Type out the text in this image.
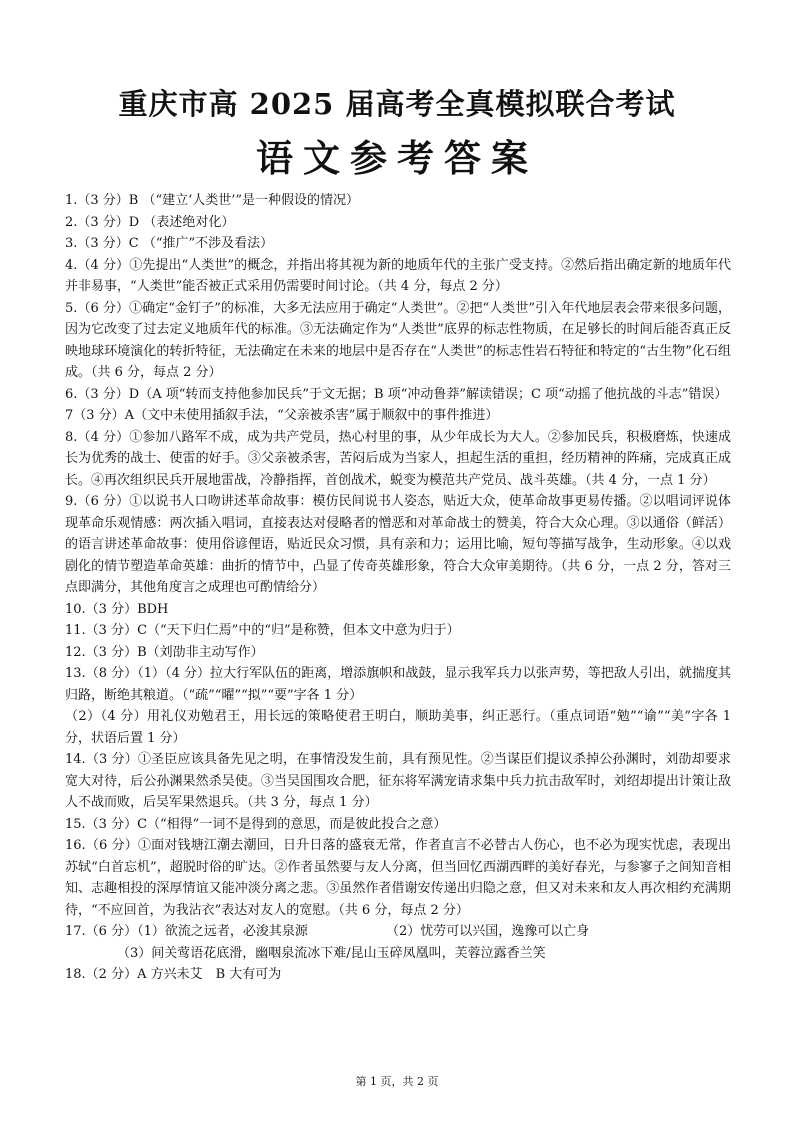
重庆市高 2025 届高考全真模拟联合考试
语文参考答案

1.（3 分）B （“建立‘人类世’”是一种假设的情况）

2.（3 分）D （表述绝对化）

3.（3 分）C （“推广”不涉及看法）

4.（4 分）①先提出“人类世”的概念，并指出将其视为新的地质年代的主张广受支持。②然后指出确定新的地质年代并非易事，“人类世”能否被正式采用仍需要时间讨论。（共 4 分，每点 2 分）

5.（6 分）①确定“金钉子”的标准，大多无法应用于确定“人类世”。②把“人类世”引入年代地层表会带来很多问题，因为它改变了过去定义地质年代的标准。③无法确定作为“人类世”底界的标志性物质，在足够长的时间后能否真正反映地球环境演化的转折特征，无法确定在未来的地层中是否存在“人类世”的标志性岩石特征和特定的“古生物”化石组成。（共 6 分，每点 2 分）

6.（3 分）D（A 项“转而支持他参加民兵”于文无据；B 项“冲动鲁莽”解读错误；C 项“动摇了他抗战的斗志”错误）

7（3 分）A（文中未使用插叙手法，“父亲被杀害”属于顺叙中的事件推进）

8.（4 分）①参加八路军不成，成为共产党员，热心村里的事，从少年成长为大人。②参加民兵，积极磨炼，快速成长为优秀的战士、使雷的好手。③父亲被杀害，苦闷后成为当家人，担起生活的重担，经历精神的阵痛，完成真正成长。④再次组织民兵开展地雷战，冷静指挥，首创战术，蜕变为模范共产党员、战斗英雄。（共 4 分，一点 1 分）

9.（6 分）①以说书人口吻讲述革命故事：模仿民间说书人姿态，贴近大众，使革命故事更易传播。②以唱词评说体现革命乐观情感：两次插入唱词，直接表达对侵略者的憎恶和对革命战士的赞美，符合大众心理。③以通俗（鲜活）的语言讲述革命故事：使用俗谚俚语，贴近民众习惯，具有亲和力；运用比喻，短句等描写战争，生动形象。④以戏剧化的情节塑造革命英雄：曲折的情节中，凸显了传奇英雄形象，符合大众审美期待。（共 6 分，一点 2 分，答对三点即满分，其他角度言之成理也可酌情给分）

10.（3 分）BDH

11.（3 分）C（“天下归仁焉”中的“归”是称赞，但本文中意为归于）

12.（3 分）B（刘劭非主动写作）

13.（8 分）（1）（4 分）拉大行军队伍的距离，增添旗帜和战鼓，显示我军兵力以张声势，等把敌人引出，就揣度其归路，断绝其粮道。（“疏”“曜”“拟”“要”字各 1 分）

（2）（4 分）用礼仪劝勉君王，用长远的策略使君王明白，顺助美事，纠正恶行。（重点词语“勉”“谕”“美”字各 1 分，状语后置 1 分）

14.（3 分）①圣臣应该具备先见之明，在事情没发生前，具有预见性。②当谋臣们提议杀掉公孙渊时，刘劭却要求宽大对待，后公孙渊果然杀吴使。③当吴国围攻合肥，征东将军满宠请求集中兵力抗击敌军时，刘绍却提出计策让敌人不战而败，后吴军果然退兵。（共 3 分，每点 1 分）

15.（3 分）C（“相得”一词不是得到的意思，而是彼此投合之意）

16.（6 分）①面对钱塘江潮去潮回，日升日落的盛衰无常，作者直言不必替古人伤心，也不必为现实忧虑，表现出苏轼“白首忘机”，超脱时俗的旷达。②作者虽然要与友人分离，但当回忆西湖西畔的美好春光，与参寥子之间知音相知、志趣相投的深厚情谊又能冲淡分离之悲。③虽然作者借谢安传递出归隐之意，但又对未来和友人再次相约充满期待，“不应回首，为我沾衣”表达对友人的宽慰。（共 6 分，每点 2 分）

17.（6 分）（1）欲流之远者，必浚其泉源	（2）忧劳可以兴国，逸豫可以亡身

（3）间关莺语花底滑，幽咽泉流冰下难/昆山玉碎凤凰叫，芙蓉泣露香兰笑

18.（2 分）A 方兴未艾　B 大有可为

第 1 页，共 2 页
